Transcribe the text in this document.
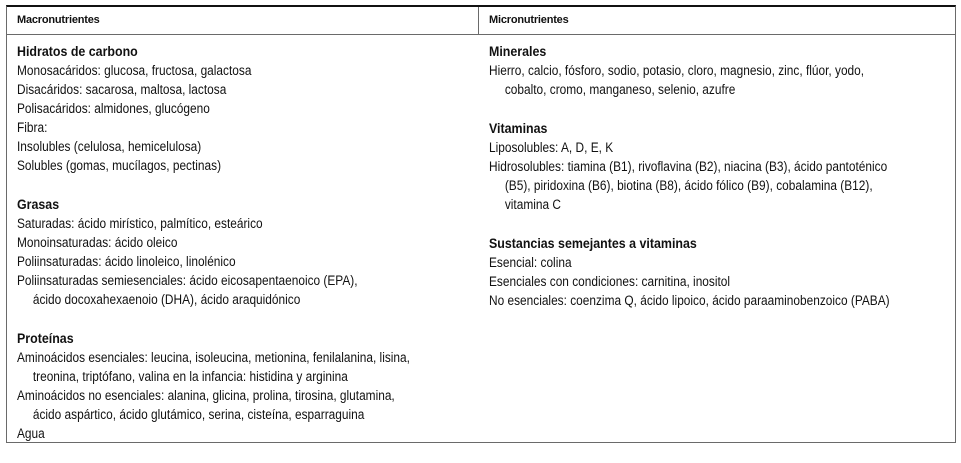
Macronutrientes	Micronutrientes
Hidratos de carbono
Monosacáridos: glucosa, fructosa, galactosa
Disacáridos: sacarosa, maltosa, lactosa
Polisacáridos: almidones, glucógeno
Fibra:
Insolubles (celulosa, hemicelulosa)
Solubles (gomas, mucílagos, pectinas)
Grasas
Saturadas: ácido mirístico, palmítico, esteárico
Monoinsaturadas: ácido oleico
Poliinsaturadas: ácido linoleico, linolénico
Poliinsaturadas semiesenciales: ácido eicosapentaenoico (EPA),
ácido docoxahexaenoio (DHA), ácido araquidónico
Proteínas
Aminoácidos esenciales: leucina, isoleucina, metionina, fenilalanina, lisina,
treonina, triptófano, valina en la infancia: histidina y arginina
Aminoácidos no esenciales: alanina, glicina, prolina, tirosina, glutamina,
ácido aspártico, ácido glutámico, serina, cisteína, esparraguina
Agua
Minerales
Hierro, calcio, fósforo, sodio, potasio, cloro, magnesio, zinc, flúor, yodo,
cobalto, cromo, manganeso, selenio, azufre
Vitaminas
Liposolubles: A, D, E, K
Hidrosolubles: tiamina (B1), rivoflavina (B2), niacina (B3), ácido pantoténico
(B5), piridoxina (B6), biotina (B8), ácido fólico (B9), cobalamina (B12),
vitamina C
Sustancias semejantes a vitaminas
Esencial: colina
Esenciales con condiciones: carnitina, inositol
No esenciales: coenzima Q, ácido lipoico, ácido paraaminobenzoico (PABA)
